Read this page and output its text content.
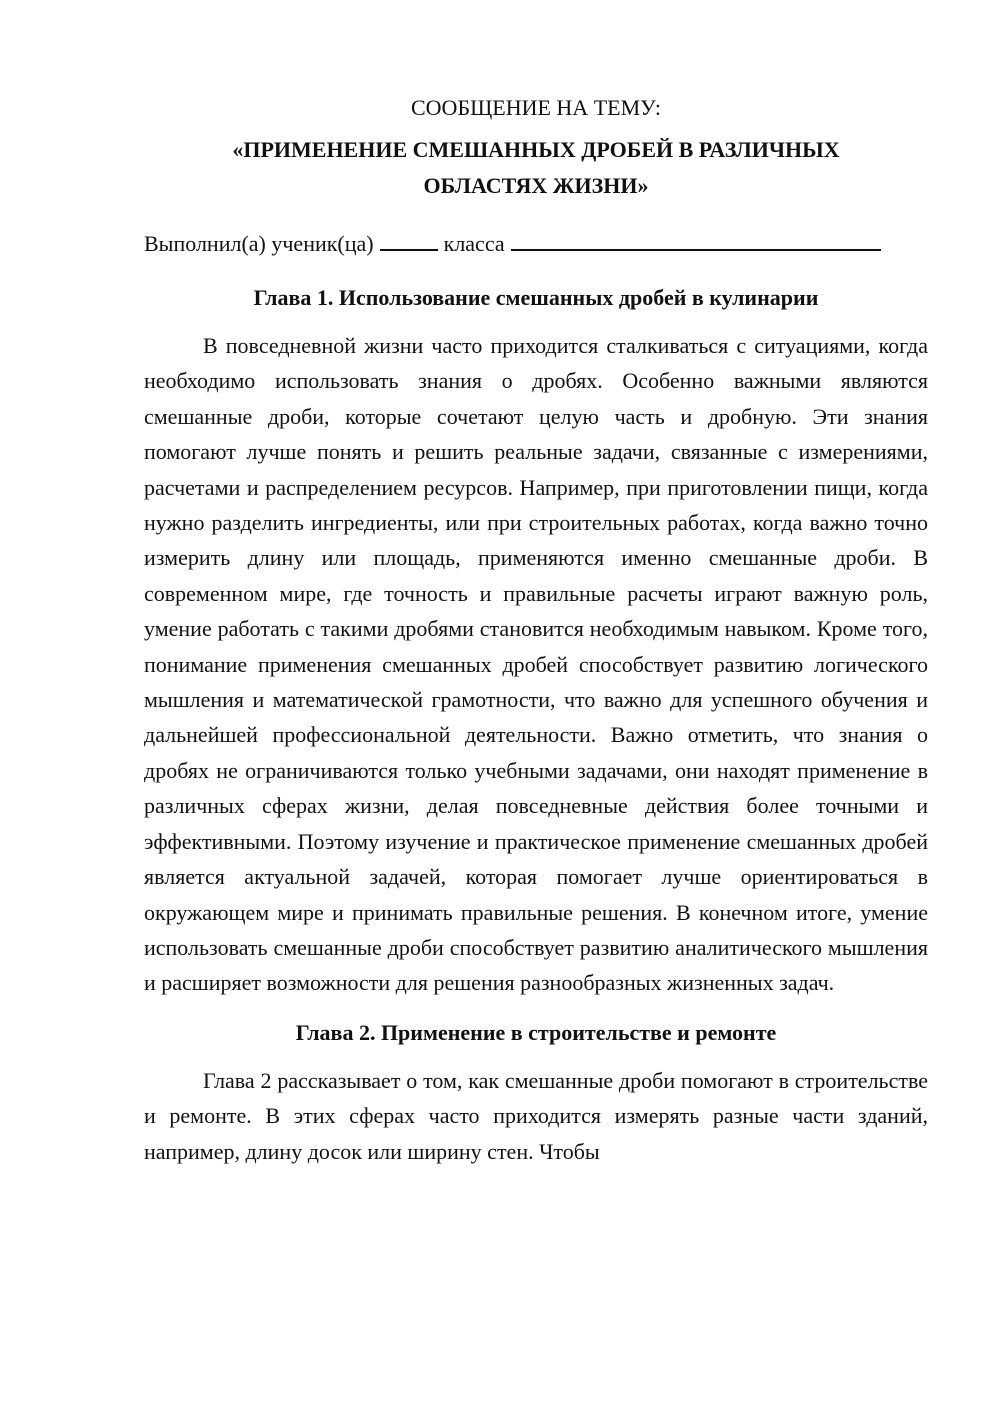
СООБЩЕНИЕ НА ТЕМУ:

«ПРИМЕНЕНИЕ СМЕШАННЫХ ДРОБЕЙ В РАЗЛИЧНЫХ

ОБЛАСТЯХ ЖИЗНИ»

Выполнил(а) ученик(ца)	класса

Глава 1. Использование смешанных дробей в кулинарии

В повседневной жизни часто приходится сталкиваться с ситуациями, когда необходимо использовать знания о дробях. Особенно важными являются смешанные дроби, которые сочетают целую часть и дробную. Эти знания помогают лучше понять и решить реальные задачи, связанные с измерениями, расчетами и распределением ресурсов. Например, при приготовлении пищи, когда нужно разделить ингредиенты, или при строительных работах, когда важно точно измерить длину или площадь, применяются именно смешанные дроби. В современном мире, где точность и правильные расчеты играют важную роль, умение работать с такими дробями становится необходимым навыком. Кроме того, понимание применения смешанных дробей способствует развитию логического мышления и математической грамотности, что важно для успешного обучения и дальнейшей профессиональной деятельности. Важно отметить, что знания о дробях не ограничиваются только учебными задачами, они находят применение в различных сферах жизни, делая повседневные действия более точными и эффективными. Поэтому изучение и практическое применение смешанных дробей является актуальной задачей, которая помогает лучше ориентироваться в окружающем мире и принимать правильные решения. В конечном итоге, умение использовать смешанные дроби способствует развитию аналитического мышления и расширяет возможности для решения разнообразных жизненных задач.

Глава 2. Применение в строительстве и ремонте

Глава 2 рассказывает о том, как смешанные дроби помогают в строительстве и ремонте. В этих сферах часто приходится измерять разные части зданий, например, длину досок или ширину стен. Чтобы
